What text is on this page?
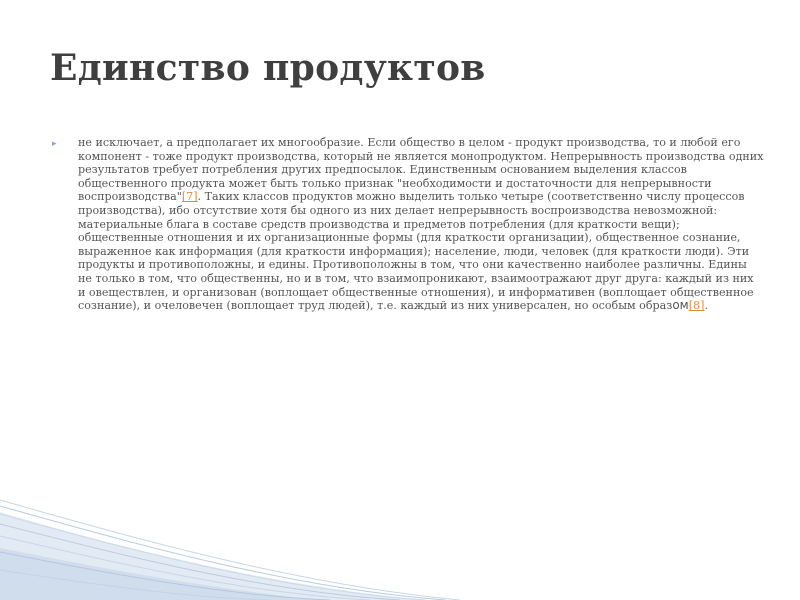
Единство продуктов
▸	не исключает, а предполагает их многообразие. Если общество в целом - продукт производства, то и любой его компонент - тоже продукт производства, который не является монопродуктом. Непрерывность производства одних результатов требует потребления других предпосылок. Единственным основанием выделения классов общественного продукта может быть только признак "необходимости и достаточности для непрерывности воспроизводства"[7]. Таких классов продуктов можно выделить только четыре (соответственно числу процессов производства), ибо отсутствие хотя бы одного из них делает непрерывность воспроизводства невозможной: материальные блага в составе средств производства и предметов потребления (для краткости вещи); общественные отношения и их организационные формы (для краткости организации), общественное сознание, выраженное как информация (для краткости информация); население, люди, человек (для краткости люди). Эти продукты и противоположны, и едины. Противоположны в том, что они качественно наиболее различны. Едины не только в том, что общественны, но и в том, что взаимопроникают, взаимоотражают друг друга: каждый из них и овеществлен, и организован (воплощает общественные отношения), и информативен (воплощает общественное сознание), и очеловечен (воплощает труд людей), т.е. каждый из них универсален, но особым образом[8].
